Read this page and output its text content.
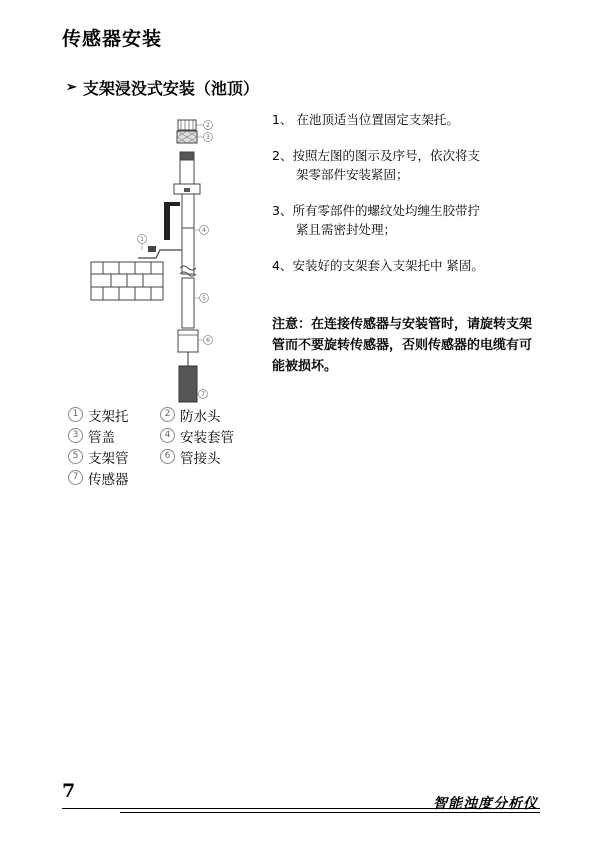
传感器安装
➢ 支架浸没式安装（池顶）
1
2
3
4
5
6
7
1 支架托	2 防水头
3 管盖	4 安装套管
5 支架管	6 管接头
7 传感器
1、 在池顶适当位置固定支架托。
2、按照左图的图示及序号，依次将支
架零部件安装紧固；
3、所有零部件的螺纹处均缠生胶带拧
紧且需密封处理；
4、安装好的支架套入支架托中 紧固。
注意：在连接传感器与安装管时，请旋转支架管而不要旋转传感器，否则传感器的电缆有可能被损坏。
7
智能浊度分析仪
